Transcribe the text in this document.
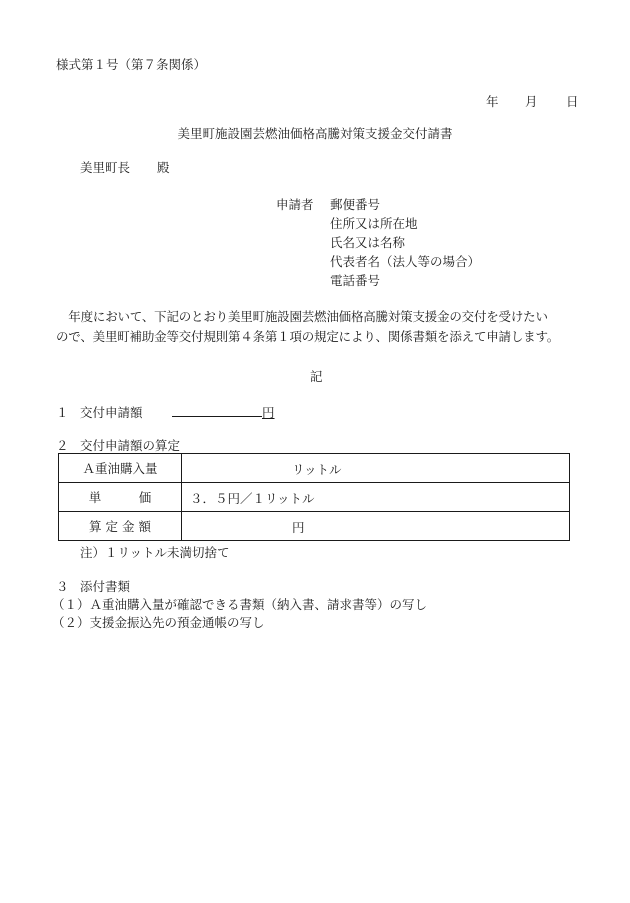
様式第１号（第７条関係）
年 月 日
美里町施設園芸燃油価格高騰対策支援金交付請書
美里町長 殿
申請者 郵便番号
住所又は所在地
氏名又は名称
代表者名（法人等の場合）
電話番号
　年度において、下記のとおり美里町施設園芸燃油価格高騰対策支援金の交付を受けたい
ので、美里町補助金等交付規則第４条第１項の規定により、関係書類を添えて申請します。
記
１ 交付申請額	円
２ 交付申請額の算定
Ａ重油購入量	リットル

単　　　価	３．５円／１リットル

算 定 金 額	円
注）１リットル未満切捨て
３ 添付書類
（１）Ａ重油購入量が確認できる書類（納入書、請求書等）の写し
（２）支援金振込先の預金通帳の写し
